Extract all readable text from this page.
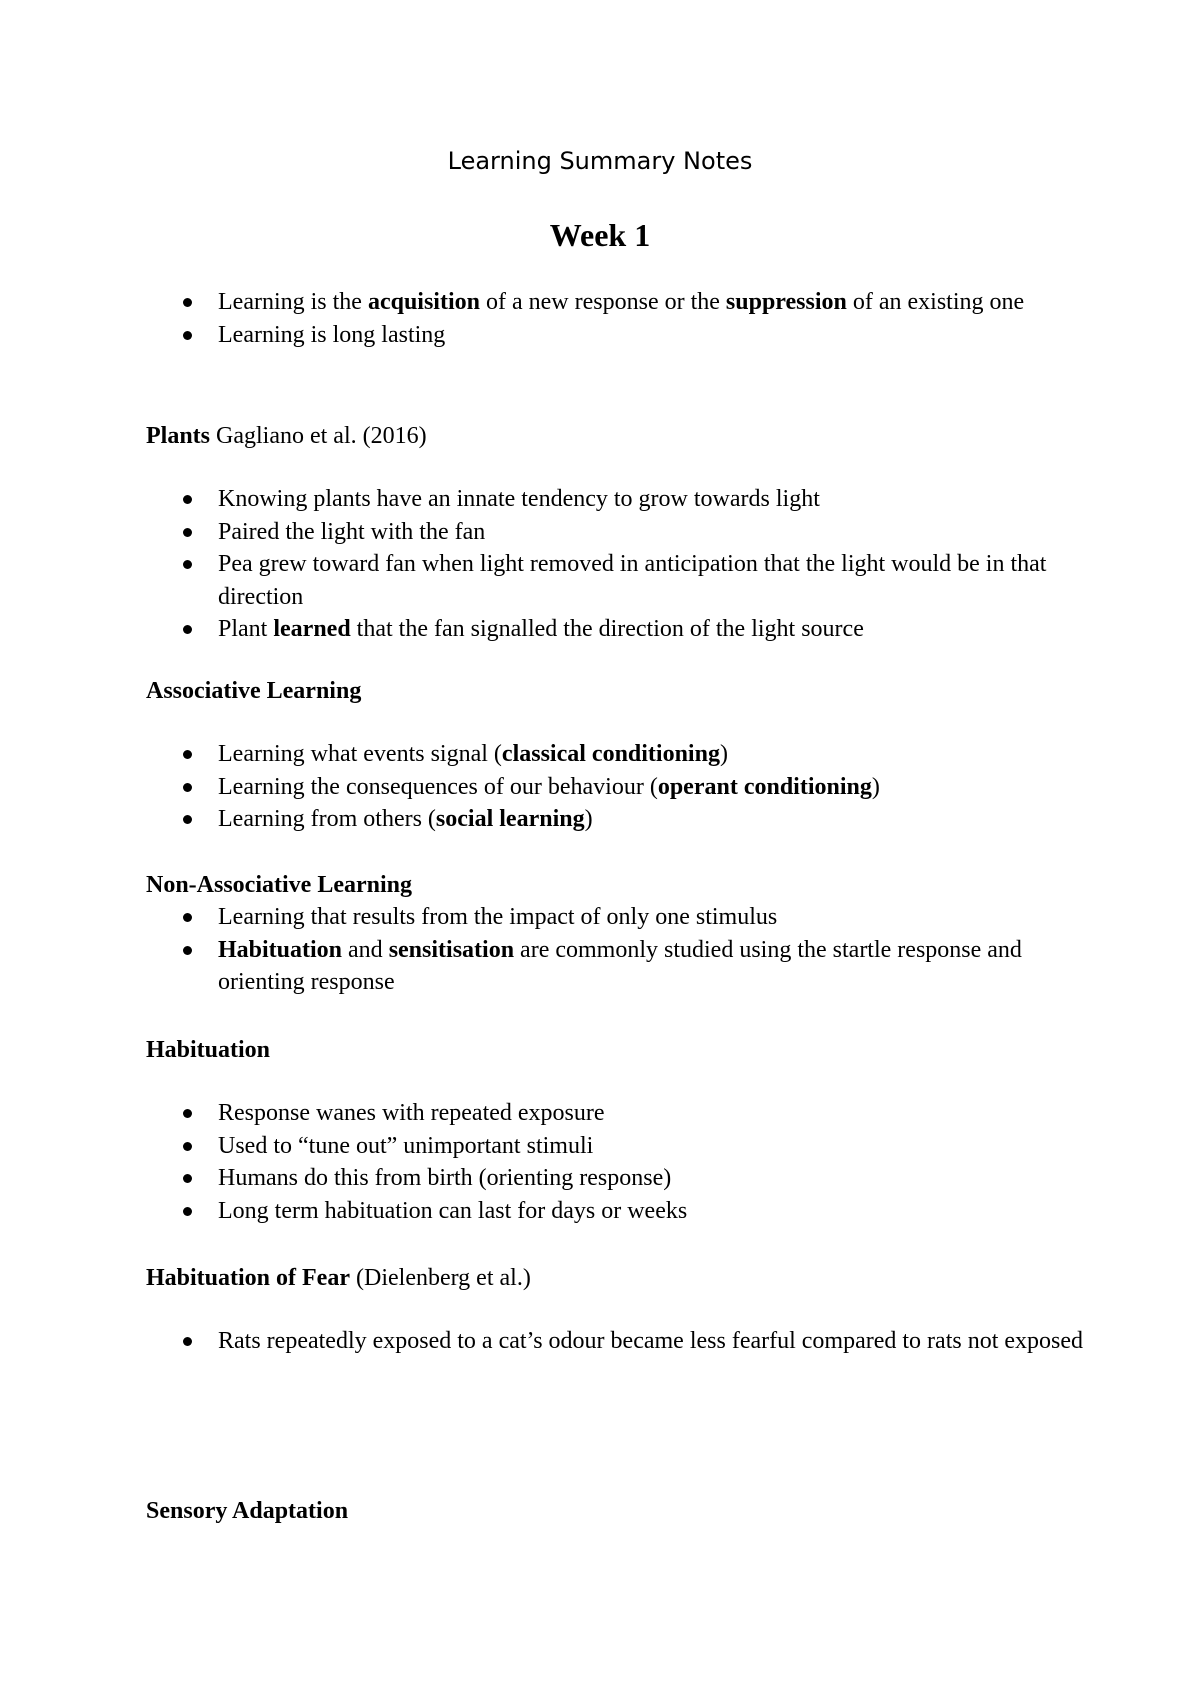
Learning Summary Notes
Week 1
Learning is the acquisition of a new response or the suppression of an existing one
Learning is long lasting

Plants Gagliano et al. (2016)

Knowing plants have an innate tendency to grow towards light
Paired the light with the fan
Pea grew toward fan when light removed in anticipation that the light would be in that direction
Plant learned that the fan signalled the direction of the light source

Associative Learning

Learning what events signal (classical conditioning)
Learning the consequences of our behaviour (operant conditioning)
Learning from others (social learning)

Non-Associative Learning

Learning that results from the impact of only one stimulus
Habituation and sensitisation are commonly studied using the startle response and orienting response

Habituation

Response wanes with repeated exposure
Used to “tune out” unimportant stimuli
Humans do this from birth (orienting response)
Long term habituation can last for days or weeks

Habituation of Fear (Dielenberg et al.)

Rats repeatedly exposed to a cat’s odour became less fearful compared to rats not exposed

Sensory Adaptation
